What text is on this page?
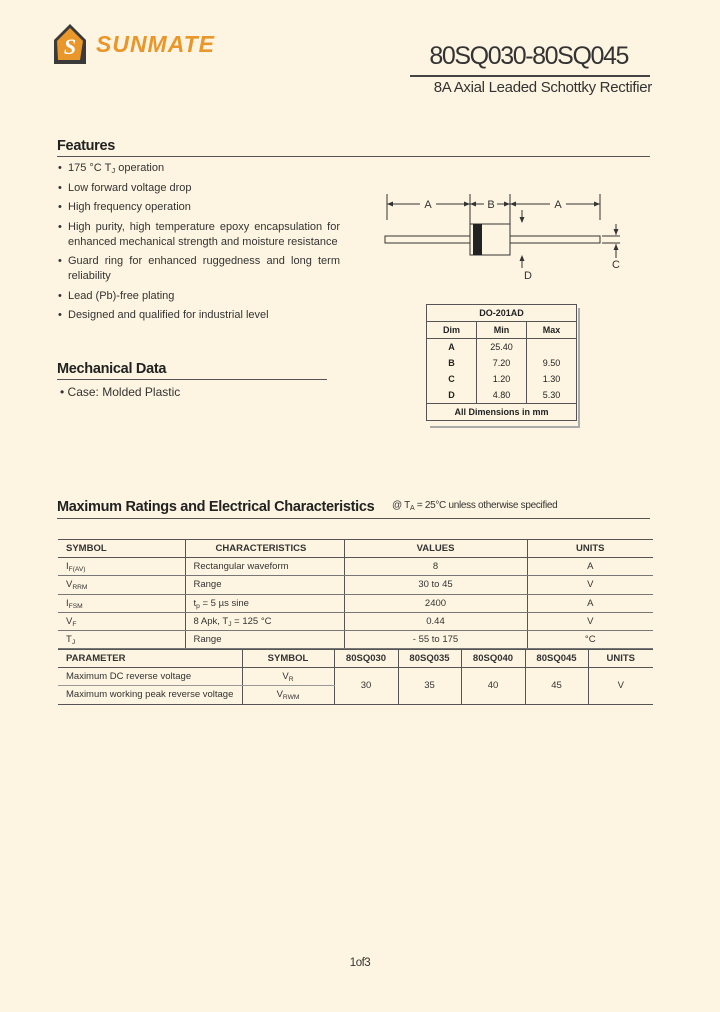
S SUNMATE	80SQ030-80SQ045
8A Axial Leaded Schottky Rectifier
Features
• 175 °C $T_J$ operation
• Low forward voltage drop
• High frequency operation
• High purity, high temperature epoxy encapsulation for enhanced mechanical strength and moisture resistance
• Guard ring for enhanced ruggedness and long term reliability
• Lead (Pb)-free plating
• Designed and qualified for industrial level
A	B	A
D
C
DO-201AD		
Dim	Min	Max
A	25.40	
B	7.20	9.50
C	1.20	1.30
D	4.80	5.30
All Dimensions in mm		
Mechanical Data
• Case: Molded Plastic
Maximum Ratings and Electrical Characteristics @ $T_A = 25^\circ C$ unless otherwise specified
SYMBOL	CHARACTERISTICS	VALUES	UNITS
$I_{F(AV)}$	Rectangular waveform	8	A
$V_{RRM}$	Range	30 to 45	V
$I_{FSM}$	$t_p = 5$ µs sine	2400	A
$V_F$	8 Apk, $T_J = 125$ °C	0.44	V
$T_J$	Range	- 55 to 175	°C
PARAMETER	SYMBOL	80SQ030	80SQ035	80SQ040	80SQ045	UNITS
Maximum DC reverse voltage	$V_R$	30	35	40	45	V
Maximum working peak reverse voltage	$V_{RWM}$
1of3
